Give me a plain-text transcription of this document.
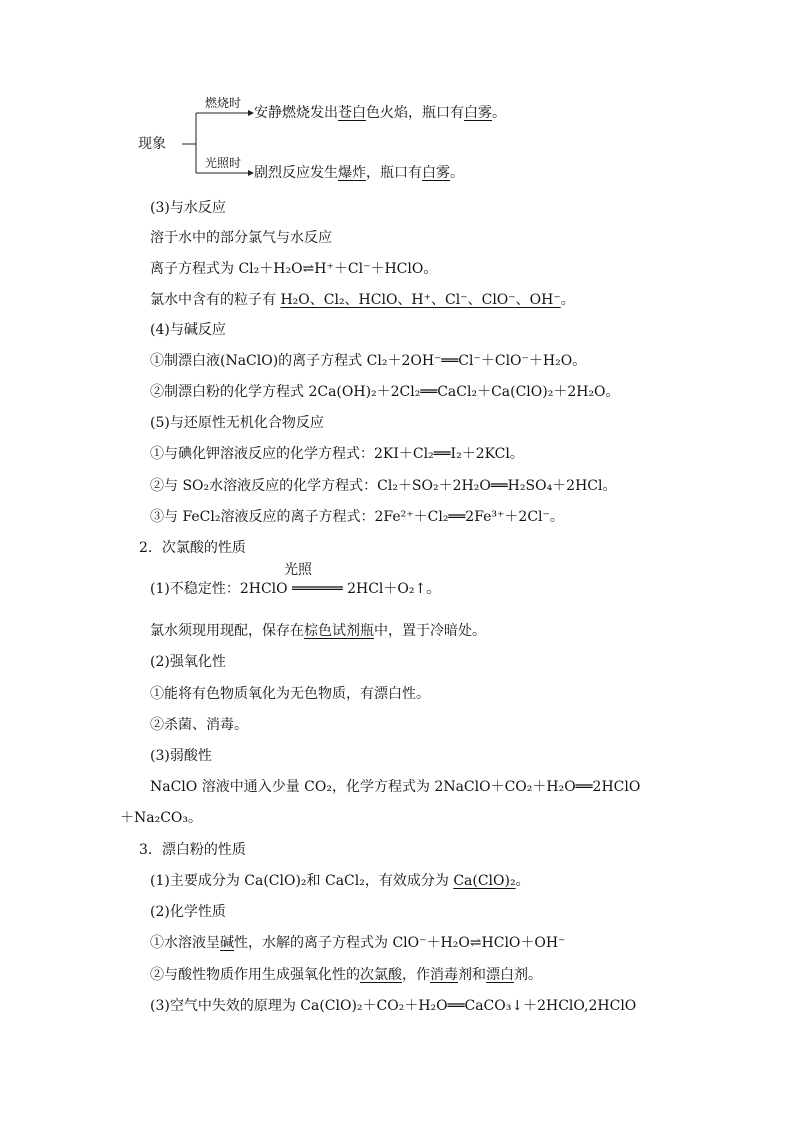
现象
燃烧时
安静燃烧发出苍白色火焰，瓶口有白雾。
光照时
剧烈反应发生爆炸，瓶口有白雾。
(3)与水反应
溶于水中的部分氯气与水反应
离子方程式为 Cl₂＋H₂O⇌H⁺＋Cl⁻＋HClO。
氯水中含有的粒子有 H₂O、Cl₂、HClO、H⁺、Cl⁻、ClO⁻、OH⁻。
(4)与碱反应
①制漂白液(NaClO)的离子方程式 Cl₂＋2OH⁻══Cl⁻＋ClO⁻＋H₂O。
②制漂白粉的化学方程式 2Ca(OH)₂＋2Cl₂══CaCl₂＋Ca(ClO)₂＋2H₂O。
(5)与还原性无机化合物反应
①与碘化钾溶液反应的化学方程式：2KI＋Cl₂══I₂＋2KCl。
②与 SO₂水溶液反应的化学方程式：Cl₂＋SO₂＋2H₂O══H₂SO₄＋2HCl。
③与 FeCl₂溶液反应的离子方程式：2Fe²⁺＋Cl₂══2Fe³⁺＋2Cl⁻。
2．次氯酸的性质
光照
(1)不稳定性：2HClO ══════ 2HCl＋O₂↑。
氯水须现用现配，保存在棕色试剂瓶中，置于冷暗处。
(2)强氧化性
①能将有色物质氧化为无色物质，有漂白性。
②杀菌、消毒。
(3)弱酸性
NaClO 溶液中通入少量 CO₂，化学方程式为 2NaClO＋CO₂＋H₂O══2HClO
＋Na₂CO₃。
3．漂白粉的性质
(1)主要成分为 Ca(ClO)₂和 CaCl₂，有效成分为 Ca(ClO)₂。
(2)化学性质
①水溶液呈碱性，水解的离子方程式为 ClO⁻＋H₂O⇌HClO＋OH⁻
②与酸性物质作用生成强氧化性的次氯酸，作消毒剂和漂白剂。
(3)空气中失效的原理为 Ca(ClO)₂＋CO₂＋H₂O══CaCO₃↓＋2HClO,2HClO
